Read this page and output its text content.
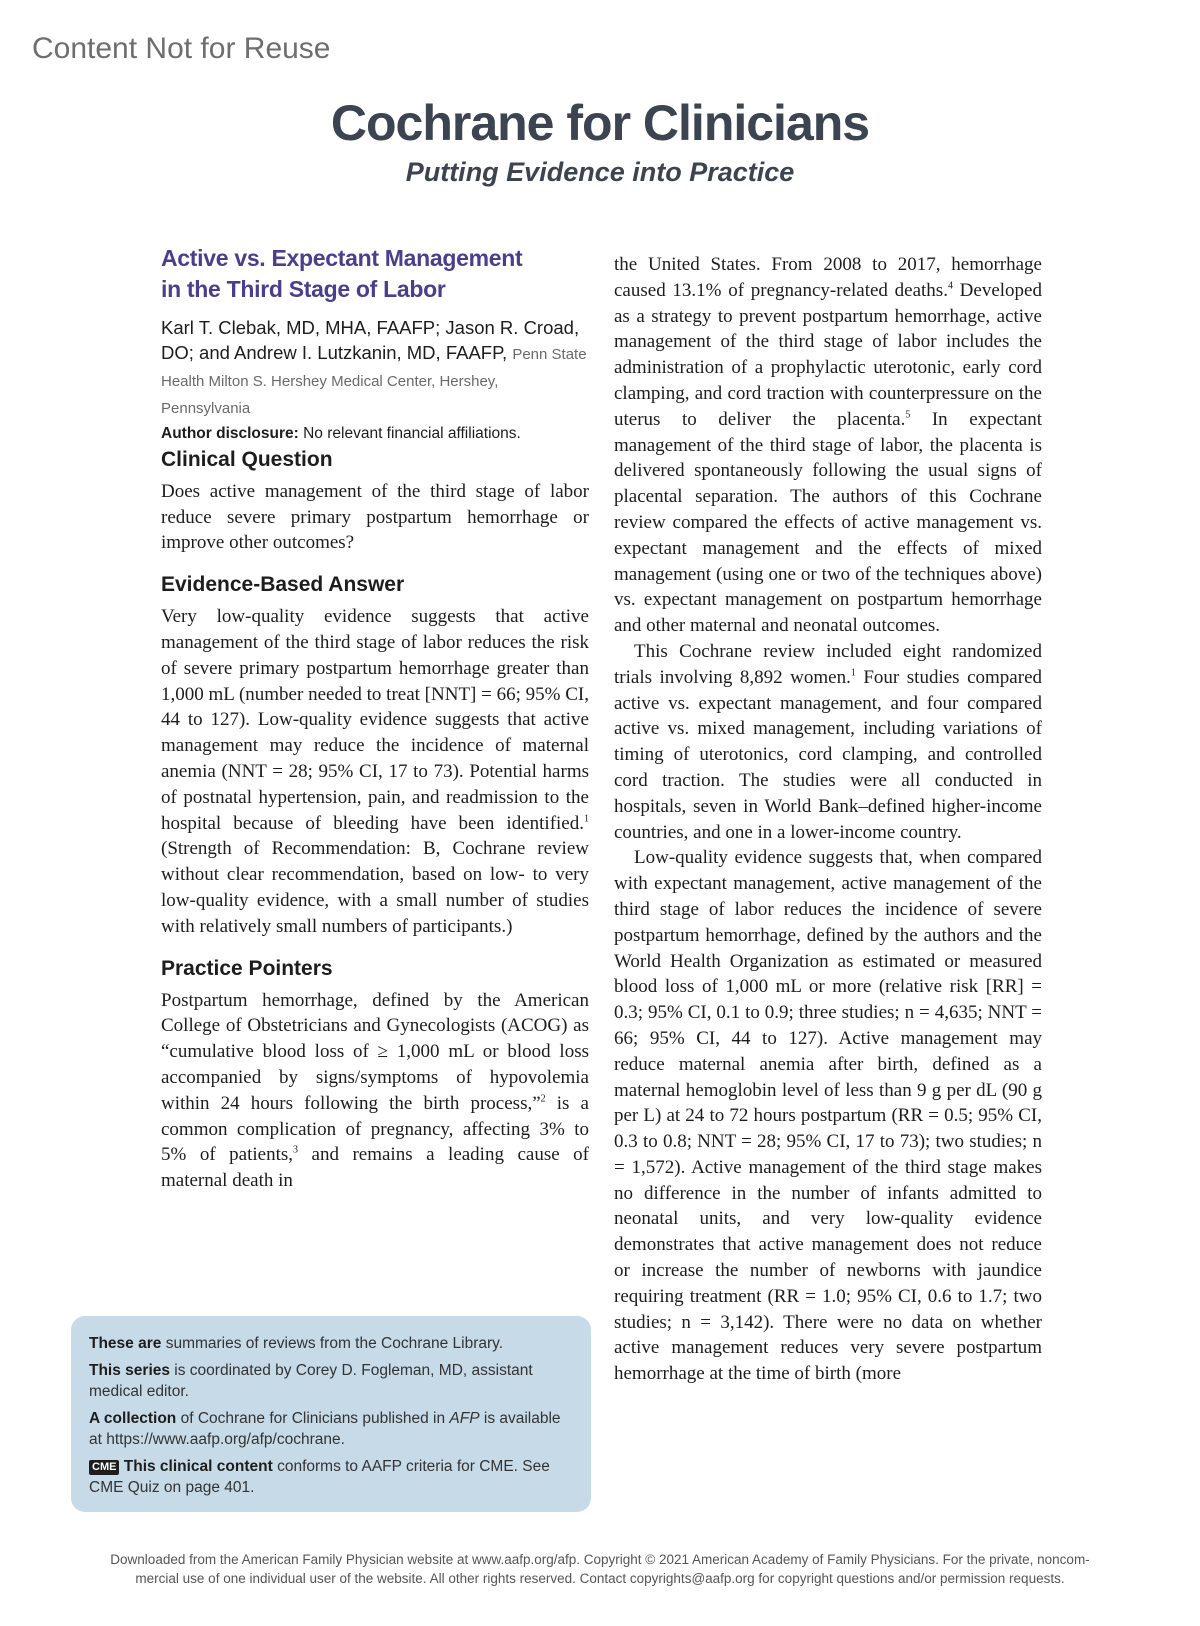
Content Not for Reuse
Cochrane for Clinicians
Putting Evidence into Practice
Active vs. Expectant Management
in the Third Stage of Labor

Karl T. Clebak, MD, MHA, FAAFP; Jason R. Croad, DO; and Andrew I. Lutzkanin, MD, FAAFP, Penn State Health Milton S. Hershey Medical Center, Hershey, Pennsylvania

Author disclosure: No relevant financial affiliations.

Clinical Question

Does active management of the third stage of labor reduce severe primary postpartum hemorrhage or improve other outcomes?

Evidence-Based Answer

Very low-quality evidence suggests that active management of the third stage of labor reduces the risk of severe primary postpartum hemorrhage greater than 1,000 mL (number needed to treat [NNT] = 66; 95% CI, 44 to 127). Low-quality evidence suggests that active management may reduce the incidence of maternal anemia (NNT = 28; 95% CI, 17 to 73). Potential harms of postnatal hypertension, pain, and readmission to the hospital because of bleeding have been identified.$^1$ (Strength of Recommendation: B, Cochrane review without clear recommendation, based on low- to very low-quality evidence, with a small number of studies with relatively small numbers of participants.)

Practice Pointers

Postpartum hemorrhage, defined by the American College of Obstetricians and Gynecologists (ACOG) as “cumulative blood loss of ≥ 1,000 mL or blood loss accompanied by signs/symptoms of hypovolemia within 24 hours following the birth process,”$^2$ is a common complication of pregnancy, affecting 3% to 5% of patients,$^3$ and remains a leading cause of maternal death in

the United States. From 2008 to 2017, hemorrhage caused 13.1% of pregnancy-related deaths.$^4$ Developed as a strategy to prevent postpartum hemorrhage, active management of the third stage of labor includes the administration of a prophylactic uterotonic, early cord clamping, and cord traction with counterpressure on the uterus to deliver the placenta.$^5$ In expectant management of the third stage of labor, the placenta is delivered spontaneously following the usual signs of placental separation. The authors of this Cochrane review compared the effects of active management vs. expectant management and the effects of mixed management (using one or two of the techniques above) vs. expectant management on postpartum hemorrhage and other maternal and neonatal outcomes.

This Cochrane review included eight randomized trials involving 8,892 women.$^1$ Four studies compared active vs. expectant management, and four compared active vs. mixed management, including variations of timing of uterotonics, cord clamping, and controlled cord traction. The studies were all conducted in hospitals, seven in World Bank–defined higher-income countries, and one in a lower-income country.

Low-quality evidence suggests that, when compared with expectant management, active management of the third stage of labor reduces the incidence of severe postpartum hemorrhage, defined by the authors and the World Health Organization as estimated or measured blood loss of 1,000 mL or more (relative risk [RR] = 0.3; 95% CI, 0.1 to 0.9; three studies; n = 4,635; NNT = 66; 95% CI, 44 to 127). Active management may reduce maternal anemia after birth, defined as a maternal hemoglobin level of less than 9 g per dL (90 g per L) at 24 to 72 hours postpartum (RR = 0.5; 95% CI, 0.3 to 0.8; NNT = 28; 95% CI, 17 to 73); two studies; n = 1,572). Active management of the third stage makes no difference in the number of infants admitted to neonatal units, and very low-quality evidence demonstrates that active management does not reduce or increase the number of newborns with jaundice requiring treatment (RR = 1.0; 95% CI, 0.6 to 1.7; two studies; n = 3,142). There were no data on whether active management reduces very severe postpartum hemorrhage at the time of birth (more

These are summaries of reviews from the Cochrane Library.

This series is coordinated by Corey D. Fogleman, MD, assistant medical editor.

A collection of Cochrane for Clinicians published in AFP is available at https://www.aafp.org/afp/cochrane.

CME This clinical content conforms to AAFP criteria for CME. See CME Quiz on page 401.

Downloaded from the American Family Physician website at www.aafp.org/afp. Copyright © 2021 American Academy of Family Physicians. For the private, noncom-
mercial use of one individual user of the website. All other rights reserved. Contact copyrights@aafp.org for copyright questions and/or permission requests.
